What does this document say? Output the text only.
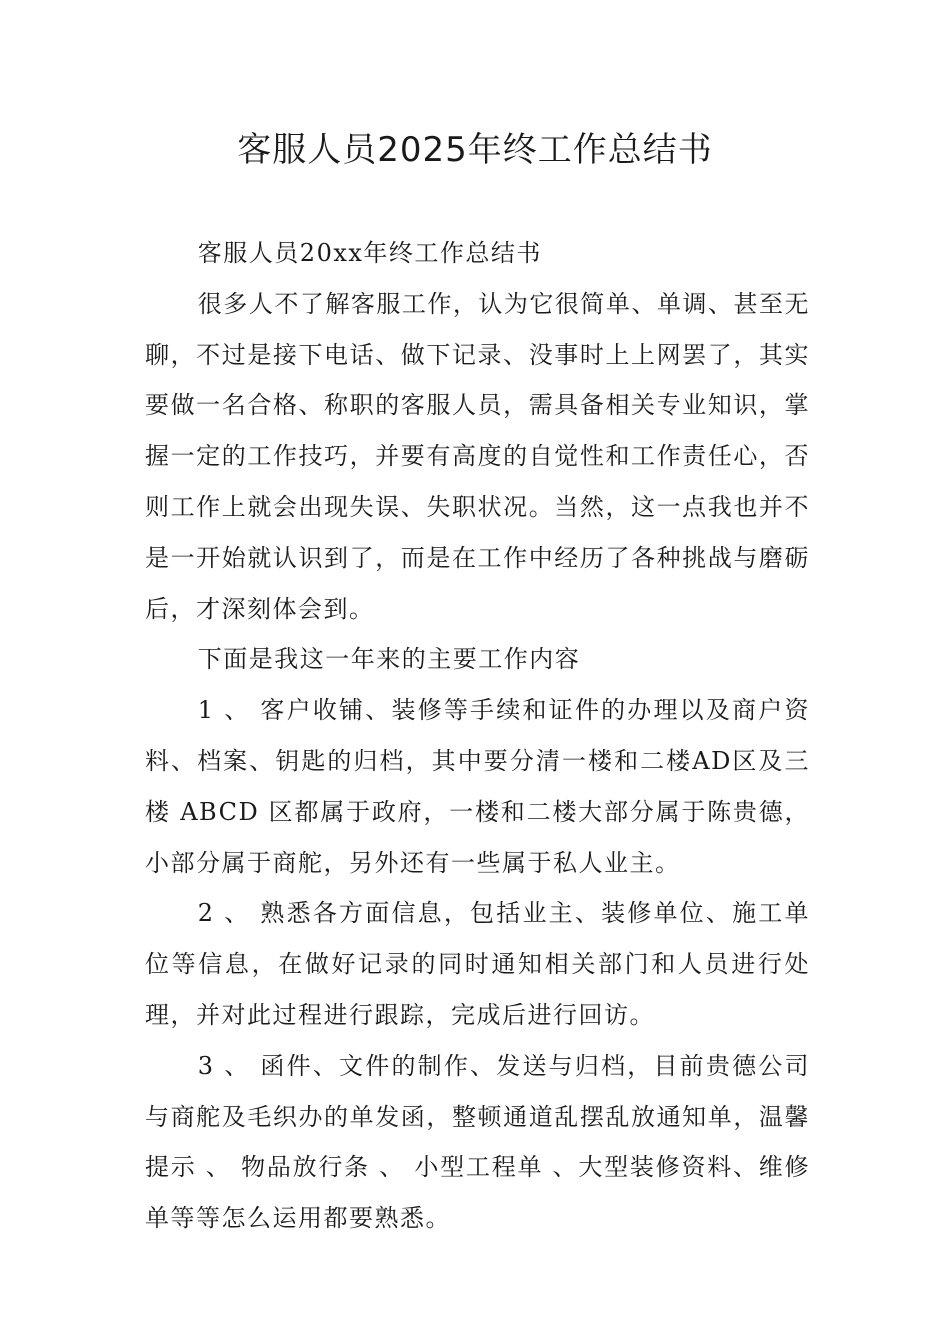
客服人员2025年终工作总结书

客服人员20xx年终工作总结书

很多人不了解客服工作，认为它很简单、单调、甚至无聊，不过是接下电话、做下记录、没事时上上网罢了，其实要做一名合格、称职的客服人员，需具备相关专业知识，掌握一定的工作技巧，并要有高度的自觉性和工作责任心，否则工作上就会出现失误、失职状况。当然，这一点我也并不是一开始就认识到了，而是在工作中经历了各种挑战与磨砺后，才深刻体会到。

下面是我这一年来的主要工作内容

1 、 客户收铺、装修等手续和证件的办理以及商户资料、档案、钥匙的归档，其中要分清一楼和二楼AD区及三楼 ABCD 区都属于政府，一楼和二楼大部分属于陈贵德，小部分属于商舵，另外还有一些属于私人业主。

2 、 熟悉各方面信息，包括业主、装修单位、施工单位等信息，在做好记录的同时通知相关部门和人员进行处理，并对此过程进行跟踪，完成后进行回访。

3 、 函件、文件的制作、发送与归档，目前贵德公司与商舵及毛织办的单发函，整顿通道乱摆乱放通知单，温馨提示 、 物品放行条 、 小型工程单 、大型装修资料、维修单等等怎么运用都要熟悉。
